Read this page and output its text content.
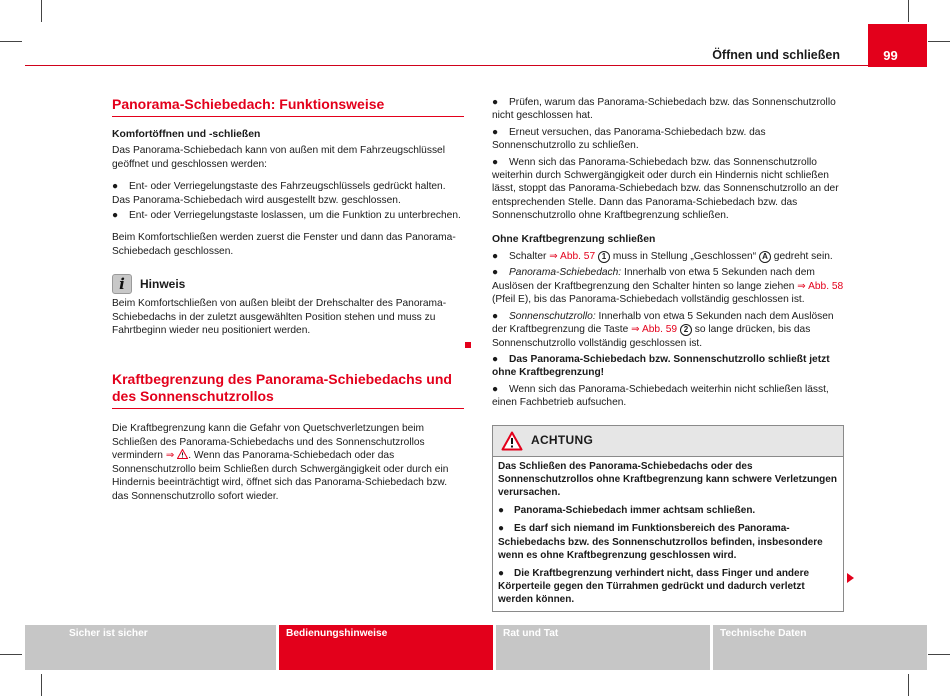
Öffnen und schließen	99
Panorama-Schiebedach: Funktionsweise
Komfortöffnen und -schließen

Das Panorama-Schiebedach kann von außen mit dem Fahrzeugschlüssel geöffnet und geschlossen werden:

● Ent- oder Verriegelungstaste des Fahrzeugschlüssels gedrückt halten. Das Panorama-Schiebedach wird ausgestellt bzw. geschlossen.
● Ent- oder Verriegelungstaste loslassen, um die Funktion zu unterbrechen.

Beim Komfortschließen werden zuerst die Fenster und dann das Panorama-Schiebedach geschlossen.

i	Hinweis

Beim Komfortschließen von außen bleibt der Drehschalter des Panorama-Schiebedachs in der zuletzt ausgewählten Position stehen und muss zu Fahrtbeginn wieder neu positioniert werden.

Kraftbegrenzung des Panorama-Schiebedachs und des Sonnenschutzrollos

Die Kraftbegrenzung kann die Gefahr von Quetschverletzungen beim Schließen des Panorama-Schiebedachs und des Sonnenschutzrollos vermindern ⇒ . Wenn das Panorama-Schiebedach oder das Sonnenschutzrollo beim Schließen durch Schwergängigkeit oder durch ein Hindernis beeinträchtigt wird, öffnet sich das Panorama-Schiebedach bzw. das Sonnenschutzrollo sofort wieder.

● Prüfen, warum das Panorama-Schiebedach bzw. das Sonnenschutzrollo nicht geschlossen hat.
● Erneut versuchen, das Panorama-Schiebedach bzw. das Sonnenschutzrollo zu schließen.
● Wenn sich das Panorama-Schiebedach bzw. das Sonnenschutzrollo weiterhin durch Schwergängigkeit oder durch ein Hindernis nicht schließen lässt, stoppt das Panorama-Schiebedach bzw. das Sonnenschutzrollo an der entsprechenden Stelle. Dann das Panorama-Schiebedach bzw. das Sonnenschutzrollo ohne Kraftbegrenzung schließen.
Ohne Kraftbegrenzung schließen
● Schalter ⇒ Abb. 57 1 muss in Stellung „Geschlossen“ A gedreht sein.
● Panorama-Schiebedach: Innerhalb von etwa 5 Sekunden nach dem Auslösen der Kraftbegrenzung den Schalter hinten so lange ziehen ⇒ Abb. 58 (Pfeil E), bis das Panorama-Schiebedach vollständig geschlossen ist.
● Sonnenschutzrollo: Innerhalb von etwa 5 Sekunden nach dem Auslösen der Kraftbegrenzung die Taste ⇒ Abb. 59 2 so lange drücken, bis das Sonnenschutzrollo vollständig geschlossen ist.
● Das Panorama-Schiebedach bzw. Sonnenschutzrollo schließt jetzt ohne Kraftbegrenzung!
● Wenn sich das Panorama-Schiebedach weiterhin nicht schließen lässt, einen Fachbetrieb aufsuchen.
ACHTUNG
Das Schließen des Panorama-Schiebedachs oder des Sonnenschutzrollos ohne Kraftbegrenzung kann schwere Verletzungen verursachen.
● Panorama-Schiebedach immer achtsam schließen.
● Es darf sich niemand im Funktionsbereich des Panorama-Schiebedachs bzw. des Sonnenschutzrollos befinden, insbesondere wenn es ohne Kraftbegrenzung geschlossen wird.
● Die Kraftbegrenzung verhindert nicht, dass Finger und andere Körperteile gegen den Türrahmen gedrückt und dadurch verletzt werden können.
Sicher ist sicher	Bedienungshinweise	Rat und Tat	Technische Daten
